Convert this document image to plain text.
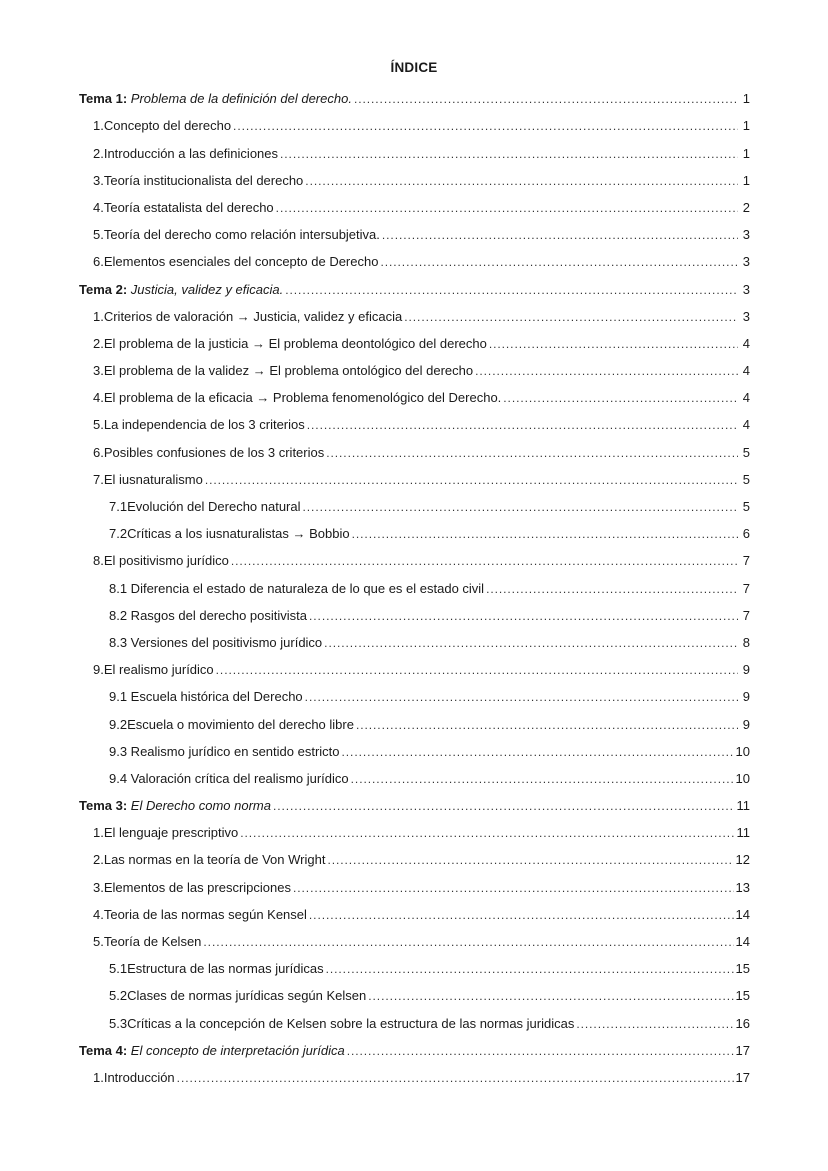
ÍNDICE
Tema 1: Problema de la definición del derecho. . . .	1
1.Concepto del derecho . . .	1
2.Introducción a las definiciones . . .	1
3.Teoría institucionalista del derecho . . .	1
4.Teoría estatalista del derecho . . .	2
5.Teoría del derecho como relación intersubjetiva. . . .	3
6.Elementos esenciales del concepto de Derecho . . .	3
Tema 2: Justicia, validez y eficacia. . . .	3
1.Criterios de valoración → Justicia, validez y eficacia . . .	3
2.El problema de la justicia → El problema deontológico del derecho . . .	4
3.El problema de la validez → El problema ontológico del derecho . . .	4
4.El problema de la eficacia → Problema fenomenológico del Derecho. . . .	4
5.La independencia de los 3 criterios . . .	4
6.Posibles confusiones de los 3 criterios . . .	5
7.El iusnaturalismo . . .	5
7.1Evolución del Derecho natural . . .	5
7.2Críticas a los iusnaturalistas → Bobbio . . .	6
8.El positivismo jurídico . . .	7
8.1 Diferencia el estado de naturaleza de lo que es el estado civil . . .	7
8.2 Rasgos del derecho positivista . . .	7
8.3 Versiones del positivismo jurídico . . .	8
9.El realismo jurídico . . .	9
9.1 Escuela histórica del Derecho . . .	9
9.2Escuela o movimiento del derecho libre . . .	9
9.3 Realismo jurídico en sentido estricto . . .	10
9.4 Valoración crítica del realismo jurídico . . .	10
Tema 3: El Derecho como norma . . .	11
1.El lenguaje prescriptivo . . .	11
2.Las normas en la teoría de Von Wright . . .	12
3.Elementos de las prescripciones . . .	13
4.Teoria de las normas según Kensel . . .	14
5.Teoría de Kelsen . . .	14
5.1Estructura de las normas jurídicas . . .	15
5.2Clases de normas jurídicas según Kelsen . . .	15
5.3Críticas a la concepción de Kelsen sobre la estructura de las normas juridicas . . .	16
Tema 4: El concepto de interpretación jurídica . . .	17
1.Introducción . . .	17
